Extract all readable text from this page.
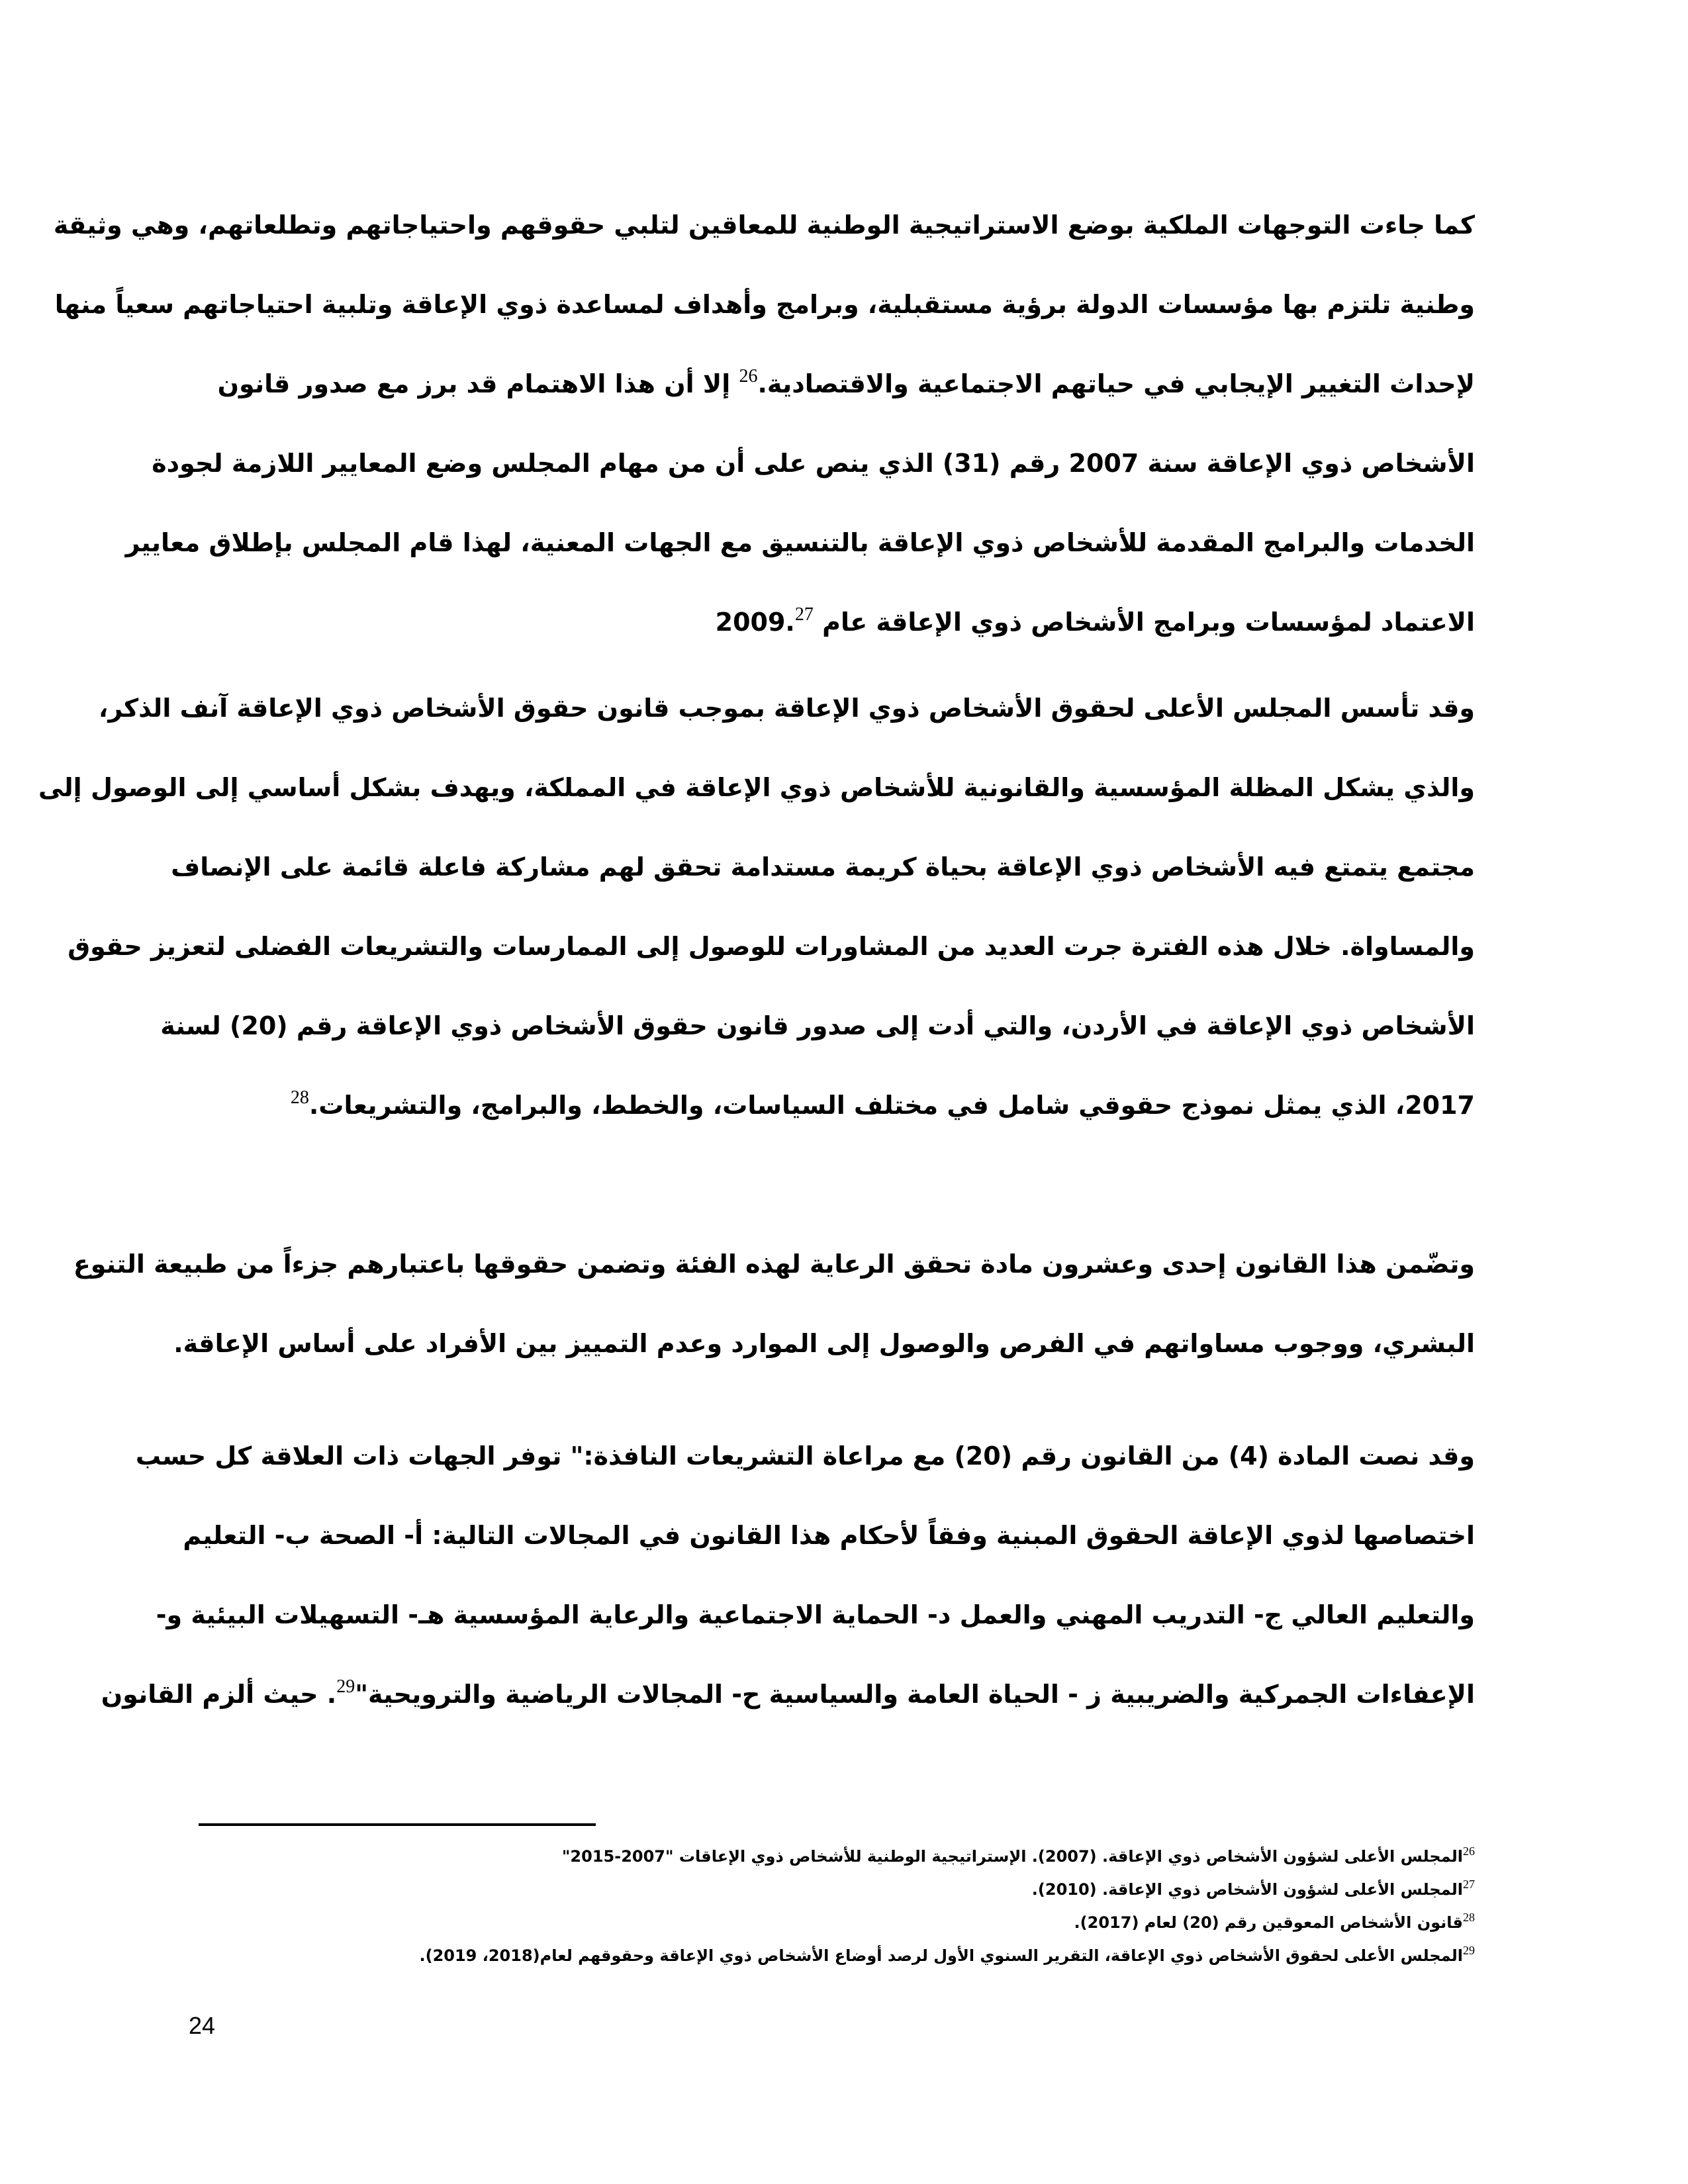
كما جاءت التوجهات الملكية بوضع الاستراتيجية الوطنية للمعاقين لتلبي حقوقهم واحتياجاتهم وتطلعاتهم، وهي وثيقة
وطنية تلتزم بها مؤسسات الدولة برؤية مستقبلية، وبرامج وأهداف لمساعدة ذوي الإعاقة وتلبية احتياجاتهم سعياً منها
لإحداث التغيير الإيجابي في حياتهم الاجتماعية والاقتصادية.$^{26}$ إلا أن هذا الاهتمام قد برز مع صدور قانون
الأشخاص ذوي الإعاقة سنة 2007 رقم (31) الذي ينص على أن من مهام المجلس وضع المعايير اللازمة لجودة
الخدمات والبرامج المقدمة للأشخاص ذوي الإعاقة بالتنسيق مع الجهات المعنية، لهذا قام المجلس بإطلاق معايير
الاعتماد لمؤسسات وبرامج الأشخاص ذوي الإعاقة عام 2009.27
وقد تأسس المجلس الأعلى لحقوق الأشخاص ذوي الإعاقة بموجب قانون حقوق الأشخاص ذوي الإعاقة آنف الذكر،
والذي يشكل المظلة المؤسسية والقانونية للأشخاص ذوي الإعاقة في المملكة، ويهدف بشكل أساسي إلى الوصول إلى
مجتمع يتمتع فيه الأشخاص ذوي الإعاقة بحياة كريمة مستدامة تحقق لهم مشاركة فاعلة قائمة على الإنصاف
والمساواة. خلال هذه الفترة جرت العديد من المشاورات للوصول إلى الممارسات والتشريعات الفضلى لتعزيز حقوق
الأشخاص ذوي الإعاقة في الأردن، والتي أدت إلى صدور قانون حقوق الأشخاص ذوي الإعاقة رقم (20) لسنة
2017، الذي يمثل نموذج حقوقي شامل في مختلف السياسات، والخطط، والبرامج، والتشريعات.$^{28}$
وتضّمن هذا القانون إحدى وعشرون مادة تحقق الرعاية لهذه الفئة وتضمن حقوقها باعتبارهم جزءاً من طبيعة التنوع
البشري، ووجوب مساواتهم في الفرص والوصول إلى الموارد وعدم التمييز بين الأفراد على أساس الإعاقة.
وقد نصت المادة (4) من القانون رقم (20) مع مراعاة التشريعات النافذة:" توفر الجهات ذات العلاقة كل حسب
اختصاصها لذوي الإعاقة الحقوق المبنية وفقاً لأحكام هذا القانون في المجالات التالية: أ- الصحة ب- التعليم
والتعليم العالي ج- التدريب المهني والعمل د- الحماية الاجتماعية والرعاية المؤسسية هـ- التسهيلات البيئية و-
الإعفاءات الجمركية والضريبية ز - الحياة العامة والسياسية ح- المجالات الرياضية والترويحية"$^{29}$. حيث ألزم القانون
$^{26}$المجلس الأعلى لشؤون الأشخاص ذوي الإعاقة. (2007). الإستراتيجية الوطنية للأشخاص ذوي الإعاقات "2007-2015"
$^{27}$المجلس الأعلى لشؤون الأشخاص ذوي الإعاقة. (2010).
$^{28}$قانون الأشخاص المعوقين رقم (20) لعام (2017).
$^{29}$المجلس الأعلى لحقوق الأشخاص ذوي الإعاقة، التقرير السنوي الأول لرصد أوضاع الأشخاص ذوي الإعاقة وحقوقهم لعام(2018، 2019).
24
